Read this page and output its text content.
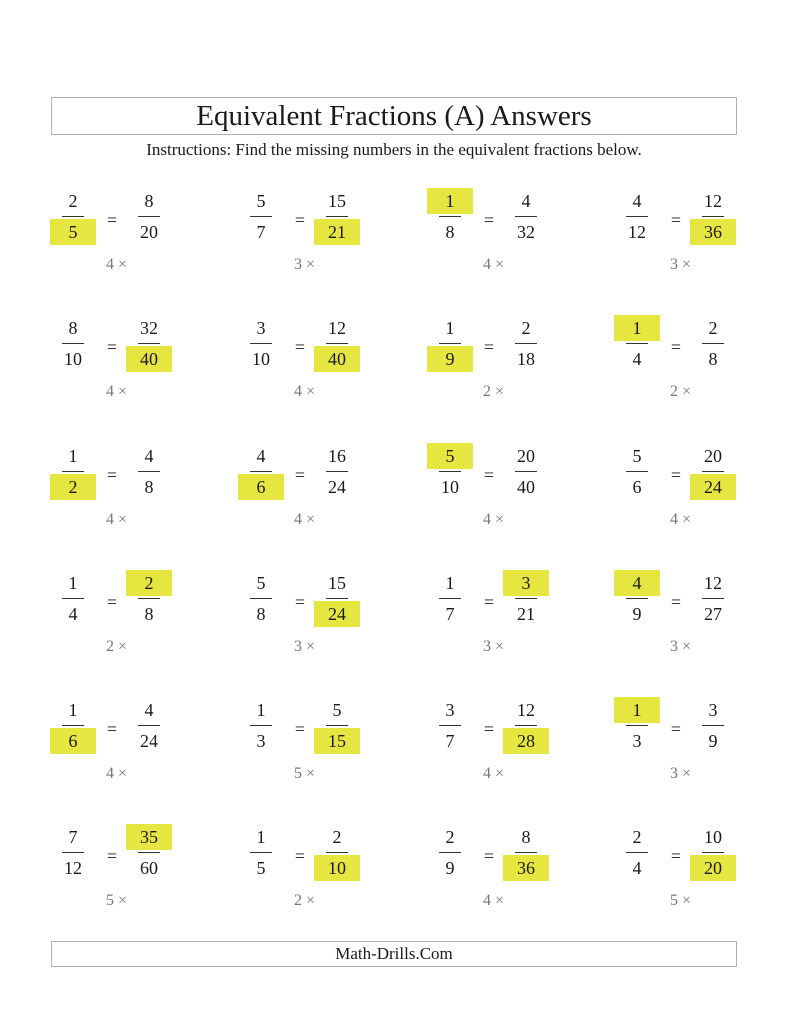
Equivalent Fractions (A) Answers
Instructions: Find the missing numbers in the equivalent fractions below.
2
5
=
8
20
4 ×
5
7
=
15
21
3 ×
1
8
=
4
32
4 ×
4
12
=
12
36
3 ×
8
10
=
32
40
4 ×
3
10
=
12
40
4 ×
1
9
=
2
18
2 ×
1
4
=
2
8
2 ×
1
2
=
4
8
4 ×
4
6
=
16
24
4 ×
5
10
=
20
40
4 ×
5
6
=
20
24
4 ×
1
4
=
2
8
2 ×
5
8
=
15
24
3 ×
1
7
=
3
21
3 ×
4
9
=
12
27
3 ×
1
6
=
4
24
4 ×
1
3
=
5
15
5 ×
3
7
=
12
28
4 ×
1
3
=
3
9
3 ×
7
12
=
35
60
5 ×
1
5
=
2
10
2 ×
2
9
=
8
36
4 ×
2
4
=
10
20
5 ×
Math-Drills.Com
